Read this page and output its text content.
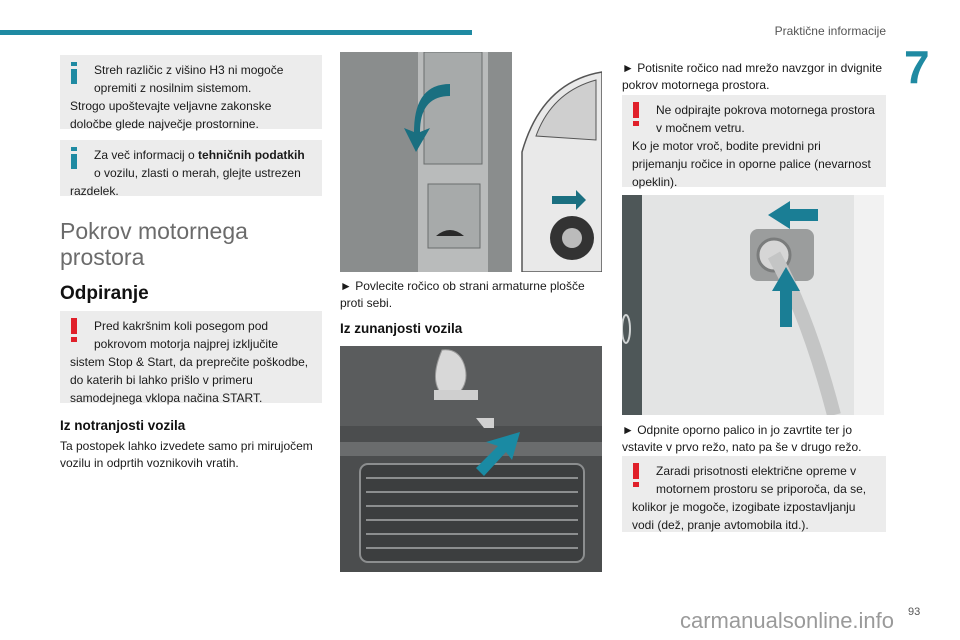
Praktične informacije
7
Streh različic z višino H3 ni mogoče
opremiti z nosilnim sistemom.
Strogo upoštevajte veljavne zakonske določbe glede največje prostornine.
Za več informacij o tehničnih podatkih
o vozilu, zlasti o merah, glejte ustrezen
razdelek.
Pokrov motornega
prostora
Odpiranje
Pred kakršnim koli posegom pod
pokrovom motorja najprej izključite
sistem Stop & Start, da preprečite poškodbe, do katerih bi lahko prišlo v primeru samodejnega vklopa načina START.
Iz notranjosti vozila
Ta postopek lahko izvedete samo pri mirujočem vozilu in odprtih voznikovih vratih.
► Povlecite ročico ob strani armaturne plošče proti sebi.
Iz zunanjosti vozila
► Potisnite ročico nad mrežo navzgor in dvignite pokrov motornega prostora.
Ne odpirajte pokrova motornega prostora
v močnem vetru.
Ko je motor vroč, bodite previdni pri prijemanju ročice in oporne palice (nevarnost opeklin).
► Odpnite oporno palico in jo zavrtite ter jo vstavite v prvo režo, nato pa še v drugo režo.
Zaradi prisotnosti električne opreme v
motornem prostoru se priporoča, da se,
kolikor je mogoče, izogibate izpostavljanju vodi (dež, pranje avtomobila itd.).
carmanualsonline.info 93
